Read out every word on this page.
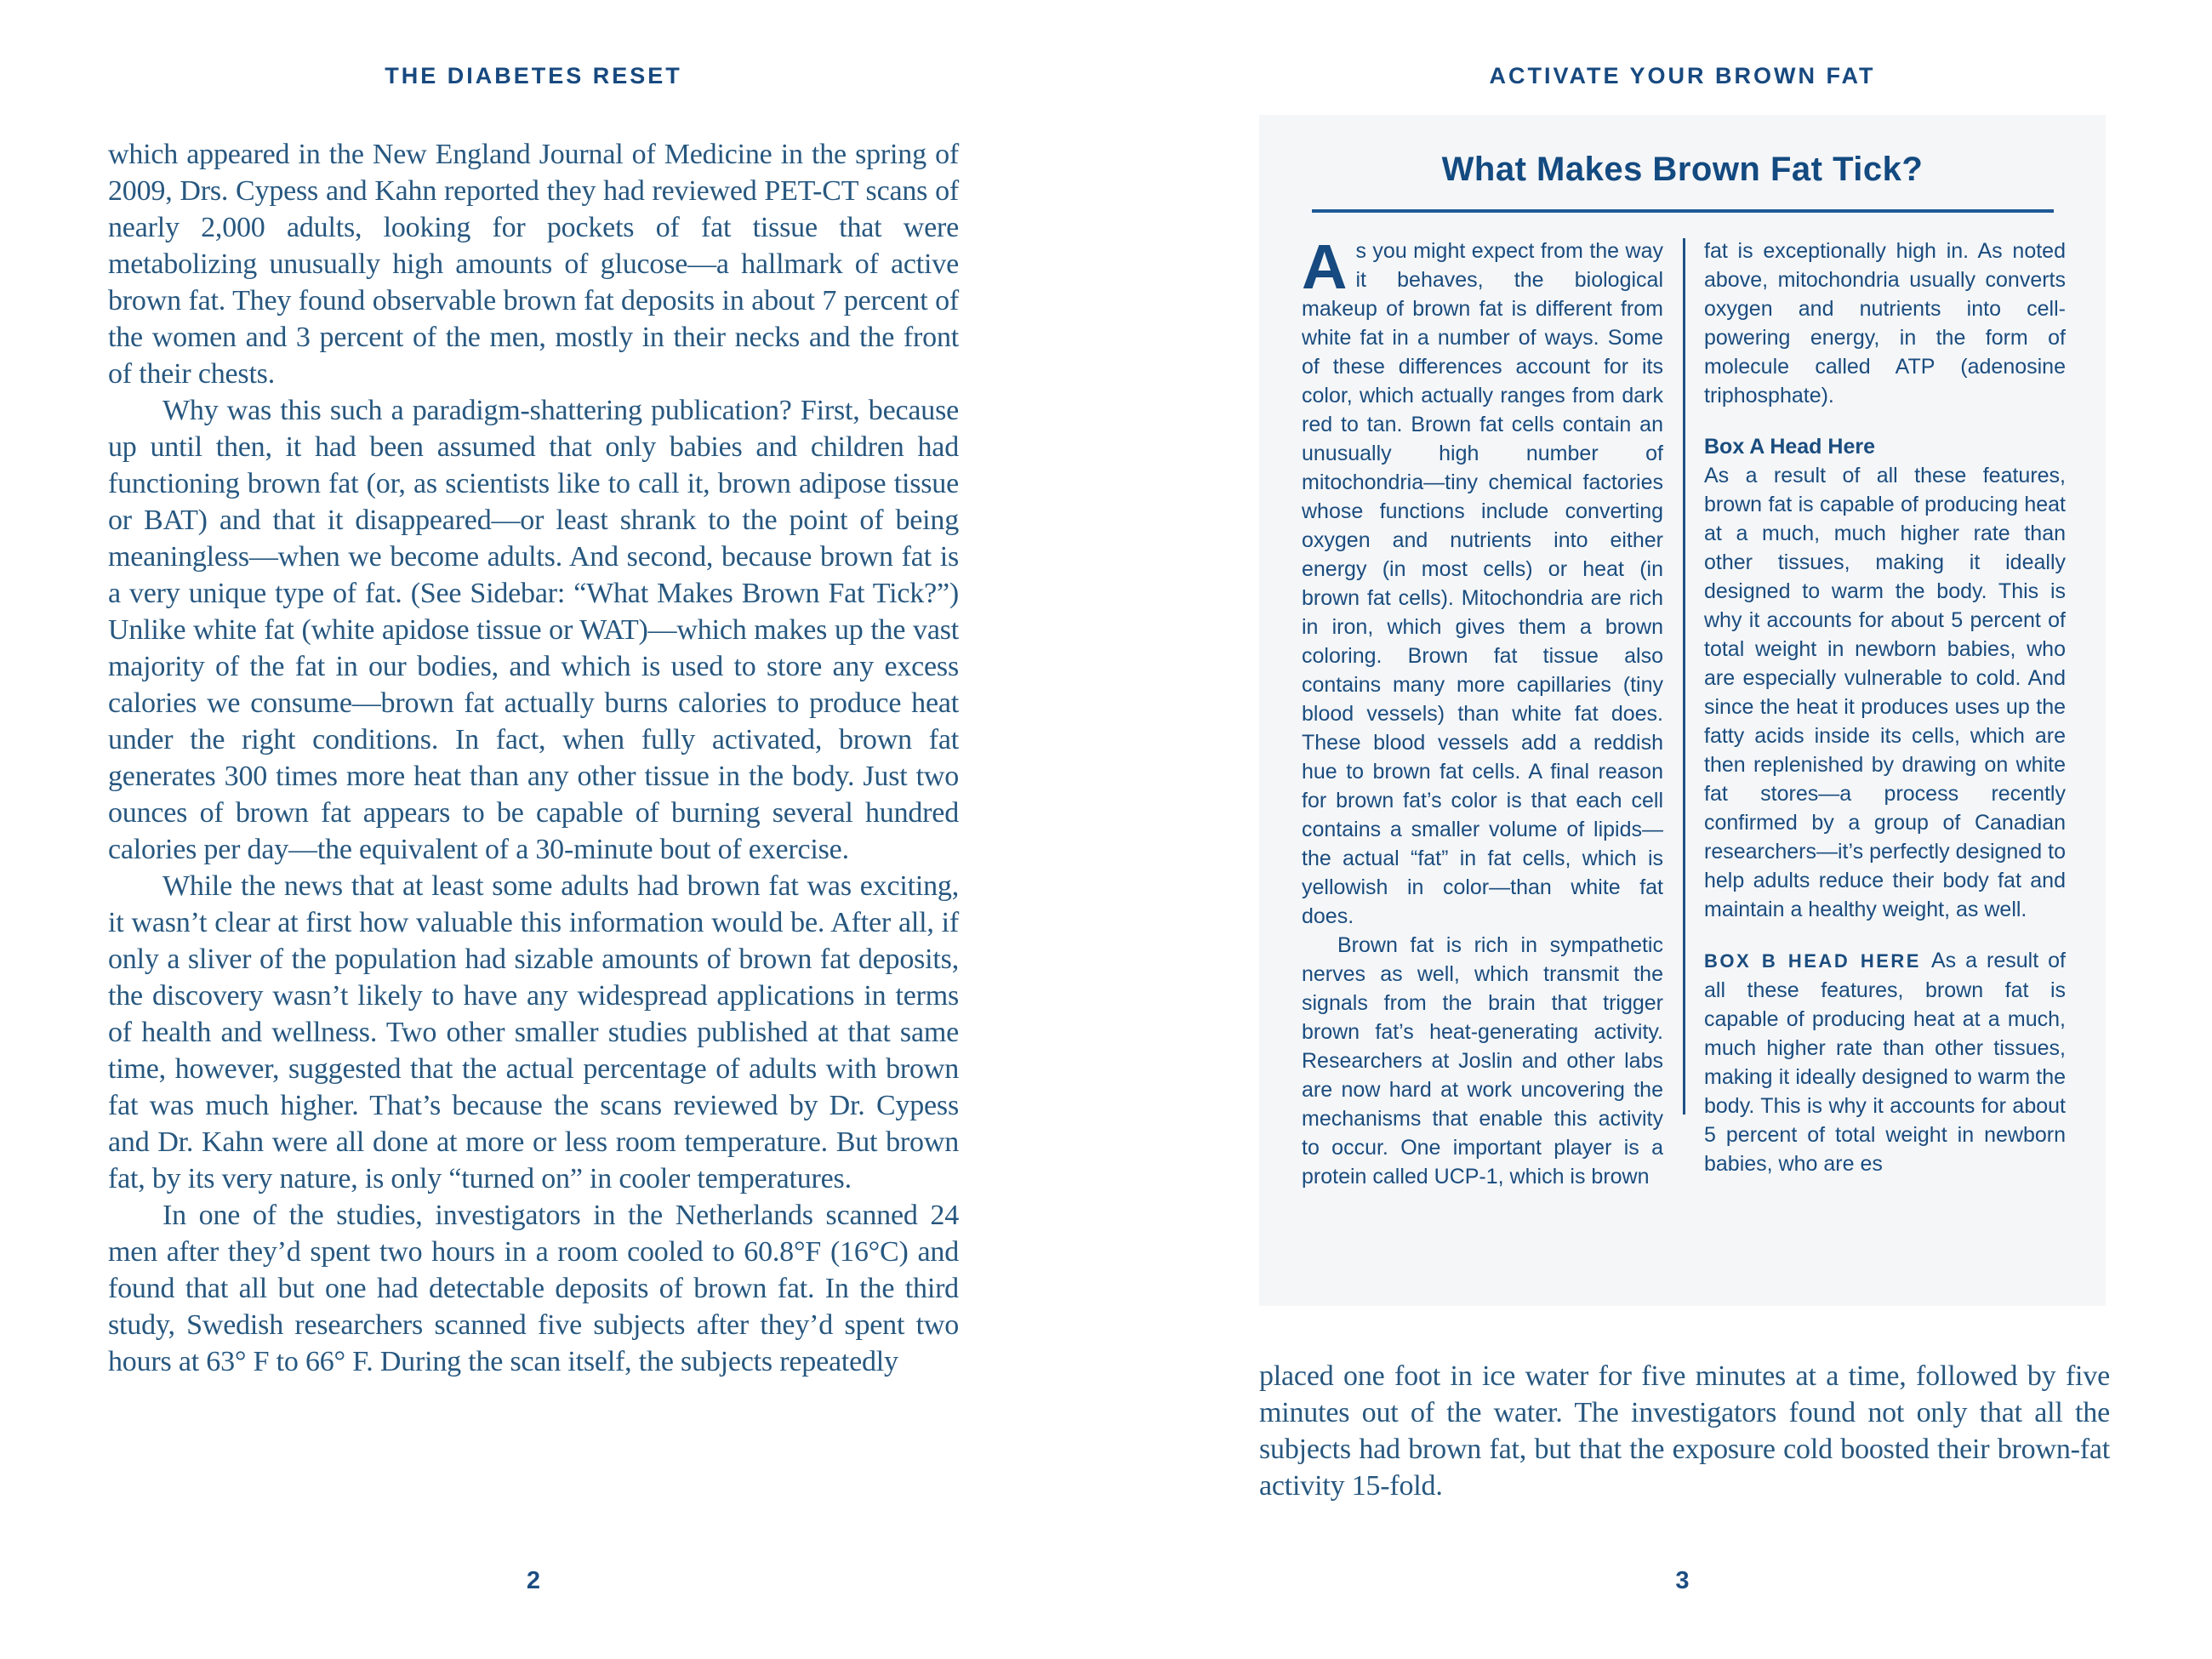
THE DIABETES RESET

which appeared in the New England Journal of Medicine in the spring of 2009, Drs. Cypess and Kahn reported they had reviewed PET-CT scans of nearly 2,000 adults, looking for pockets of fat tissue that were metabolizing unusually high amounts of glucose—a hallmark of active brown fat. They found observable brown fat deposits in about 7 percent of the women and 3 percent of the men, mostly in their necks and the front of their chests.

Why was this such a paradigm-shattering publication? First, because up until then, it had been assumed that only babies and children had functioning brown fat (or, as scientists like to call it, brown adipose tissue or BAT) and that it disappeared—or least shrank to the point of being meaningless—when we become adults. And second, because brown fat is a very unique type of fat. (See Sidebar: “What Makes Brown Fat Tick?”) Unlike white fat (white apidose tissue or WAT)—which makes up the vast majority of the fat in our bodies, and which is used to store any excess calories we consume—brown fat actually burns calories to produce heat under the right conditions. In fact, when fully activated, brown fat generates 300 times more heat than any other tissue in the body. Just two ounces of brown fat appears to be capable of burning several hundred calories per day—the equivalent of a 30-minute bout of exercise.

While the news that at least some adults had brown fat was exciting, it wasn’t clear at first how valuable this information would be. After all, if only a sliver of the population had sizable amounts of brown fat deposits, the discovery wasn’t likely to have any widespread applications in terms of health and wellness. Two other smaller studies published at that same time, however, suggested that the actual percentage of adults with brown fat was much higher. That’s because the scans reviewed by Dr. Cypess and Dr. Kahn were all done at more or less room temperature. But brown fat, by its very nature, is only “turned on” in cooler temperatures.

In one of the studies, investigators in the Netherlands scanned 24 men after they’d spent two hours in a room cooled to 60.8°F (16°C) and found that all but one had detectable deposits of brown fat. In the third study, Swedish researchers scanned five subjects after they’d spent two hours at 63° F to 66° F. During the scan itself, the subjects repeatedly

2
ACTIVATE YOUR BROWN FAT
What Makes Brown Fat Tick?

As you might expect from the way it behaves, the biological makeup of brown fat is different from white fat in a number of ways. Some of these differences account for its color, which actually ranges from dark red to tan. Brown fat cells contain an unusually high number of mitochondria—tiny chemical factories whose functions include converting oxygen and nutrients into either energy (in most cells) or heat (in brown fat cells). Mitochondria are rich in iron, which gives them a brown coloring. Brown fat tissue also contains many more capillaries (tiny blood vessels) than white fat does. These blood vessels add a reddish hue to brown fat cells. A final reason for brown fat’s color is that each cell contains a smaller volume of lipids—the actual “fat” in fat cells, which is yellowish in color—than white fat does.

Brown fat is rich in sympathetic nerves as well, which transmit the signals from the brain that trigger brown fat’s heat-generating activity. Researchers at Joslin and other labs are now hard at work uncovering the mechanisms that enable this activity to occur. One important player is a protein called UCP-1, which is brown

fat is exceptionally high in. As noted above, mitochondria usually converts oxygen and nutrients into cell-powering energy, in the form of molecule called ATP (adenosine triphosphate).

Box A Head Here

As a result of all these features, brown fat is capable of producing heat at a much, much higher rate than other tissues, making it ideally designed to warm the body. This is why it accounts for about 5 percent of total weight in newborn babies, who are especially vulnerable to cold. And since the heat it produces uses up the fatty acids inside its cells, which are then replenished by drawing on white fat stores—a process recently confirmed by a group of Canadian researchers—it’s perfectly designed to help adults reduce their body fat and maintain a healthy weight, as well.

BOX B HEAD HERE As a result of all these features, brown fat is capable of producing heat at a much, much higher rate than other tissues, making it ideally designed to warm the body. This is why it accounts for about 5 percent of total weight in newborn babies, who are es

placed one foot in ice water for five minutes at a time, followed by five minutes out of the water. The investigators found not only that all the subjects had brown fat, but that the exposure cold boosted their brown-fat activity 15-fold.

3
